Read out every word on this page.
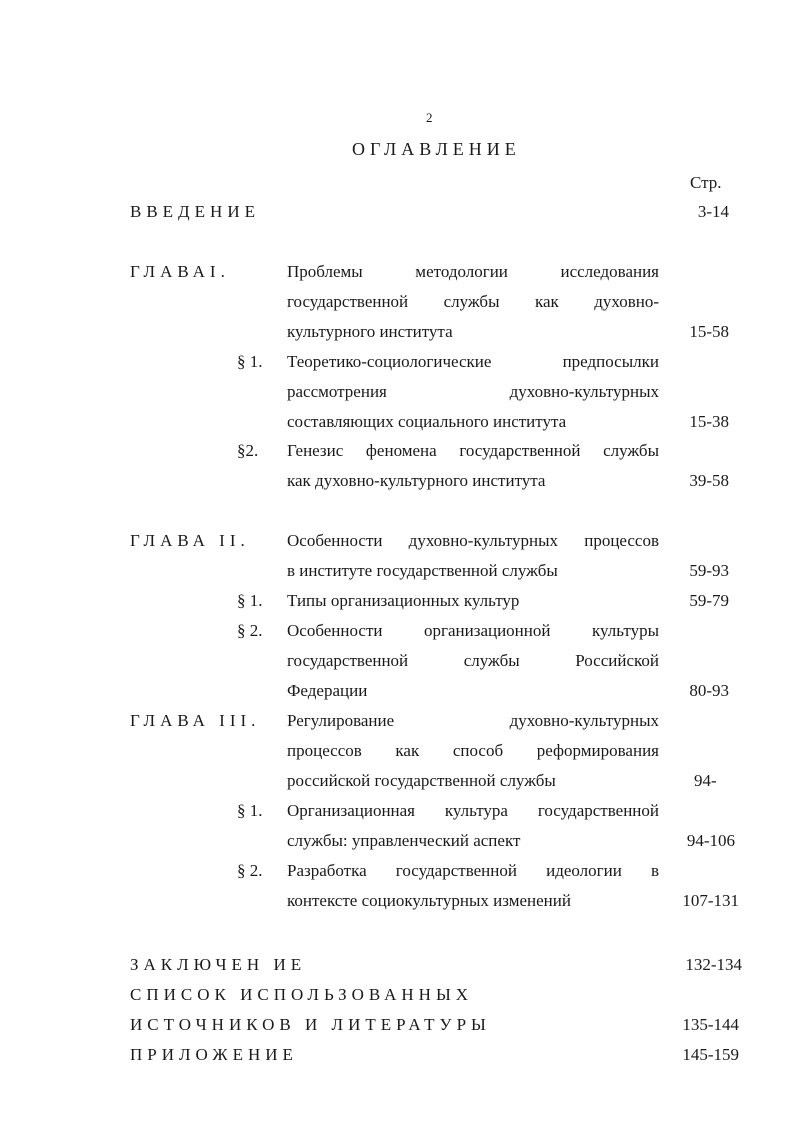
2
ОГЛАВЛЕНИЕ
Стр.
ВВЕДЕНИЕ	3-14
ГЛАВАI.	Проблемы методологии исследования
государственной службы как духовно-
культурного института	15-58
§ 1. Теоретико-социологические предпосылки
рассмотрения духовно-культурных
составляющих социального института	15-38
§2. Генезис феномена государственной службы
как духовно-культурного института	39-58
ГЛАВА II. Особенности духовно-культурных процессов
в институте государственной службы	59-93
§ 1. Типы организационных культур	59-79
§ 2. Особенности организационной культуры
государственной службы Российской
Федерации	80-93
ГЛАВА III. Регулирование духовно-культурных
процессов как способ реформирования
российской государственной службы	94-
§ 1. Организационная культура государственной
службы: управленческий аспект	94-106
§ 2. Разработка государственной идеологии в
контексте социокультурных изменений	107-131
ЗАКЛЮЧЕН ИЕ	132-134
СПИСОК ИСПОЛЬЗОВАННЫХ
ИСТОЧНИКОВ И ЛИТЕРАТУРЫ	135-144
ПРИЛОЖЕНИЕ	145-159
